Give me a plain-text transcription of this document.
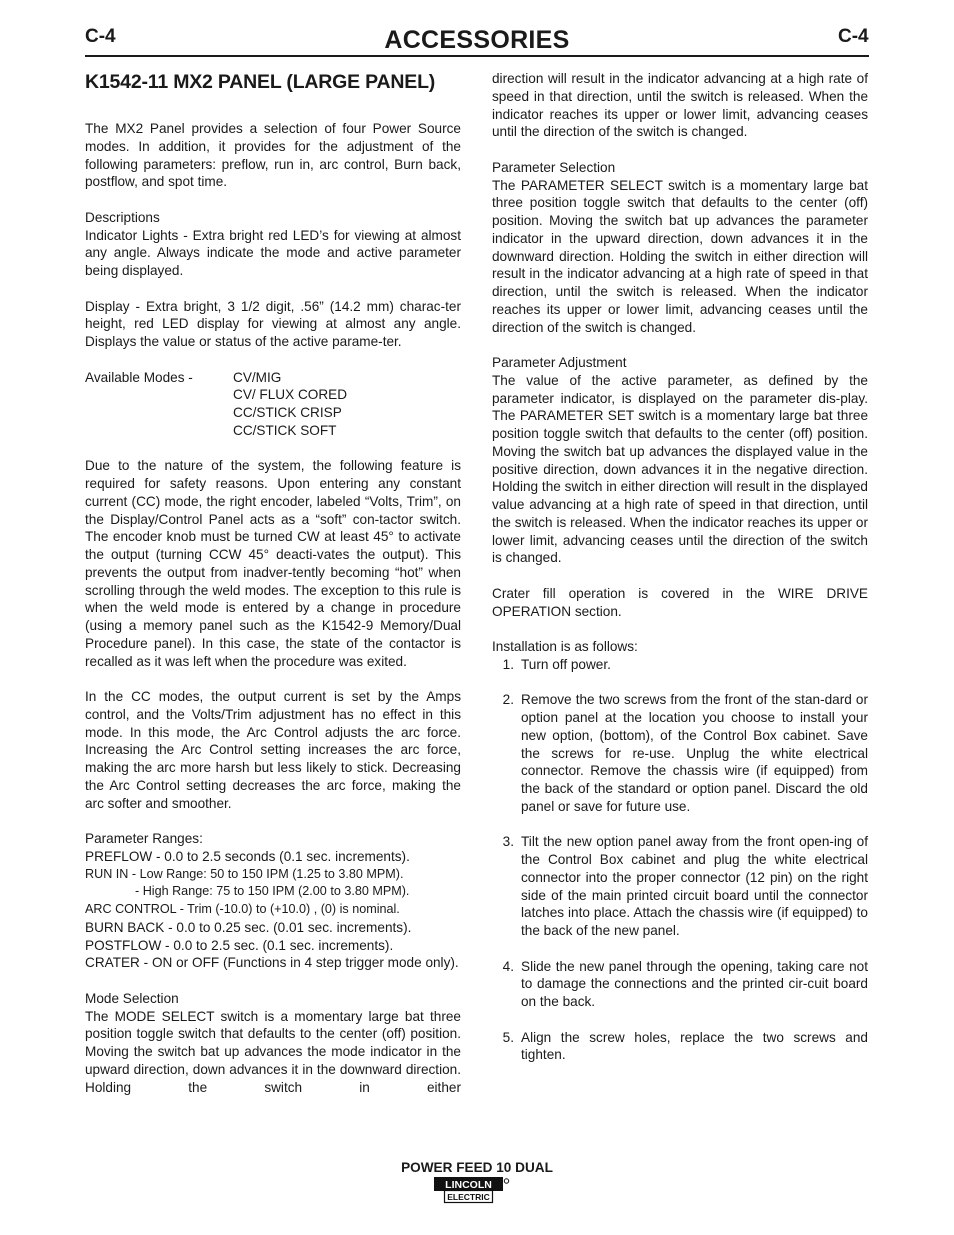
C-4	ACCESSORIES	C-4
K1542-11 MX2 PANEL (LARGE PANEL)

The MX2 Panel provides a selection of four Power Source modes. In addition, it provides for the adjustment of the following parameters: preflow, run in, arc control, Burn back, postflow, and spot time.

Descriptions

Indicator Lights - Extra bright red LED’s for viewing at almost any angle. Always indicate the mode and active parameter being displayed.

Display - Extra bright, 3 1/2 digit, .56” (14.2 mm) charac-ter height, red LED display for viewing at almost any angle. Displays the value or status of the active parame-ter.

Available Modes -	CV/MIG
CV/ FLUX CORED
CC/STICK CRISP
CC/STICK SOFT

Due to the nature of the system, the following feature is required for safety reasons. Upon entering any constant current (CC) mode, the right encoder, labeled “Volts, Trim”, on the Display/Control Panel acts as a “soft” con-tactor switch. The encoder knob must be turned CW at least 45° to activate the output (turning CCW 45° deacti-vates the output). This prevents the output from inadver-tently becoming “hot” when scrolling through the weld modes. The exception to this rule is when the weld mode is entered by a change in procedure (using a memory panel such as the K1542-9 Memory/Dual Procedure panel). In this case, the state of the contactor is recalled as it was left when the procedure was exited.

In the CC modes, the output current is set by the Amps control, and the Volts/Trim adjustment has no effect in this mode. In this mode, the Arc Control adjusts the arc force. Increasing the Arc Control setting increases the arc force, making the arc more harsh but less likely to stick. Decreasing the Arc Control setting decreases the arc force, making the arc softer and smoother.

Parameter Ranges:

PREFLOW - 0.0 to 2.5 seconds (0.1 sec. increments).

RUN IN - Low Range: 50 to 150 IPM (1.25 to 3.80 MPM).

- High Range: 75 to 150 IPM (2.00 to 3.80 MPM).

ARC CONTROL - Trim (-10.0) to (+10.0) , (0) is nominal.

BURN BACK - 0.0 to 0.25 sec. (0.01 sec. increments).

POSTFLOW - 0.0 to 2.5 sec. (0.1 sec. increments).

CRATER - ON or OFF (Functions in 4 step trigger mode only).

Mode Selection

The MODE SELECT switch is a momentary large bat three position toggle switch that defaults to the center (off) position. Moving the switch bat up advances the mode indicator in the upward direction, down advances it in the downward direction. Holding the switch in either

direction will result in the indicator advancing at a high rate of speed in that direction, until the switch is released. When the indicator reaches its upper or lower limit, advancing ceases until the direction of the switch is changed.

Parameter Selection

The PARAMETER SELECT switch is a momentary large bat three position toggle switch that defaults to the center (off) position. Moving the switch bat up advances the parameter indicator in the upward direction, down advances it in the downward direction. Holding the switch in either direction will result in the indicator advancing at a high rate of speed in that direction, until the switch is released. When the indicator reaches its upper or lower limit, advancing ceases until the direction of the switch is changed.

Parameter Adjustment

The value of the active parameter, as defined by the parameter indicator, is displayed on the parameter dis-play. The PARAMETER SET switch is a momentary large bat three position toggle switch that defaults to the center (off) position. Moving the switch bat up advances the displayed value in the positive direction, down advances it in the negative direction. Holding the switch in either direction will result in the displayed value advancing at a high rate of speed in that direction, until the switch is released. When the indicator reaches its upper or lower limit, advancing ceases until the direction of the switch is changed.

Crater fill operation is covered in the WIRE DRIVE OPERATION section.

Installation is as follows:

1. Turn off power.
2. Remove the two screws from the front of the stan-dard or option panel at the location you choose to install your new option, (bottom), of the Control Box cabinet. Save the screws for re-use. Unplug the white electrical connector. Remove the chassis wire (if equipped) from the back of the standard or option panel. Discard the old panel or save for future use.
3. Tilt the new option panel away from the front open-ing of the Control Box cabinet and plug the white electrical connector into the proper connector (12 pin) on the right side of the main printed circuit board until the connector latches into place. Attach the chassis wire (if equipped) to the back of the new panel.
4. Slide the new panel through the opening, taking care not to damage the connections and the printed cir-cuit board on the back.
5. Align the screw holes, replace the two screws and tighten.
POWER FEED 10 DUAL
LINCOLN
ELECTRIC
